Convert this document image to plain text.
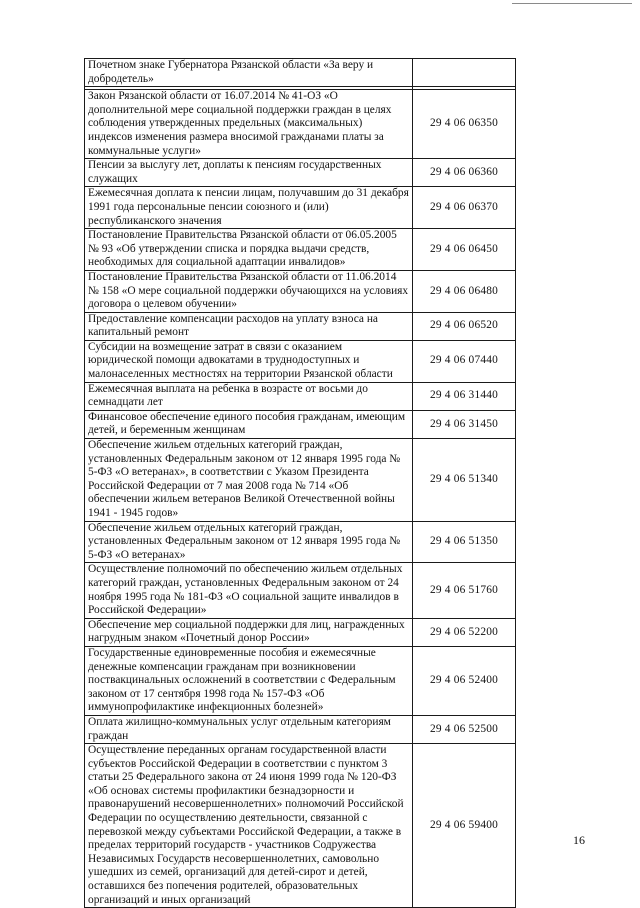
Почетном знаке Губернатора Рязанской области «За веру и добродетель»	

Закон Рязанской области от 16.07.2014 № 41-ОЗ «О дополнительной мере социальной поддержки граждан в целях соблюдения утвержденных предельных (максимальных) индексов изменения размера вносимой гражданами платы за коммунальные услуги»	29 4 06 06350
Пенсии за выслугу лет, доплаты к пенсиям государственных служащих	29 4 06 06360
Ежемесячная доплата к пенсии лицам, получавшим до 31 декабря 1991 года персональные пенсии союзного и (или) республиканского значения	29 4 06 06370
Постановление Правительства Рязанской области от 06.05.2005 № 93 «Об утверждении списка и порядка выдачи средств, необходимых для социальной адаптации инвалидов»	29 4 06 06450
Постановление Правительства Рязанской области от 11.06.2014 № 158 «О мере социальной поддержки обучающихся на условиях договора о целевом обучении»	29 4 06 06480
Предоставление компенсации расходов на уплату взноса на капитальный ремонт	29 4 06 06520
Субсидии на возмещение затрат в связи с оказанием юридической помощи адвокатами в труднодоступных и малонаселенных местностях на территории Рязанской области	29 4 06 07440
Ежемесячная выплата на ребенка в возрасте от восьми до семнадцати лет	29 4 06 31440
Финансовое обеспечение единого пособия гражданам, имеющим детей, и беременным женщинам	29 4 06 31450
Обеспечение жильем отдельных категорий граждан, установленных Федеральным законом от 12 января 1995 года № 5-ФЗ «О ветеранах», в соответствии с Указом Президента Российской Федерации от 7 мая 2008 года № 714 «Об обеспечении жильем ветеранов Великой Отечественной войны 1941 - 1945 годов»	29 4 06 51340
Обеспечение жильем отдельных категорий граждан, установленных Федеральным законом от 12 января 1995 года № 5-ФЗ «О ветеранах»	29 4 06 51350
Осуществление полномочий по обеспечению жильем отдельных категорий граждан, установленных Федеральным законом от 24 ноября 1995 года № 181-ФЗ «О социальной защите инвалидов в Российской Федерации»	29 4 06 51760
Обеспечение мер социальной поддержки для лиц, награжденных нагрудным знаком «Почетный донор России»	29 4 06 52200
Государственные единовременные пособия и ежемесячные денежные компенсации гражданам при возникновении поствакцинальных осложнений в соответствии с Федеральным законом от 17 сентября 1998 года № 157-ФЗ «Об иммунопрофилактике инфекционных болезней»	29 4 06 52400
Оплата жилищно-коммунальных услуг отдельным категориям граждан	29 4 06 52500
Осуществление переданных органам государственной власти субъектов Российской Федерации в соответствии с пунктом 3 статьи 25 Федерального закона от 24 июня 1999 года № 120-ФЗ «Об основах системы профилактики безнадзорности и правонарушений несовершеннолетних» полномочий Российской Федерации по осуществлению деятельности, связанной с перевозкой между субъектами Российской Федерации, а также в пределах территорий государств - участников Содружества Независимых Государств несовершеннолетних, самовольно ушедших из семей, организаций для детей-сирот и детей, оставшихся без попечения родителей, образовательных организаций и иных организаций	29 4 06 59400
16
